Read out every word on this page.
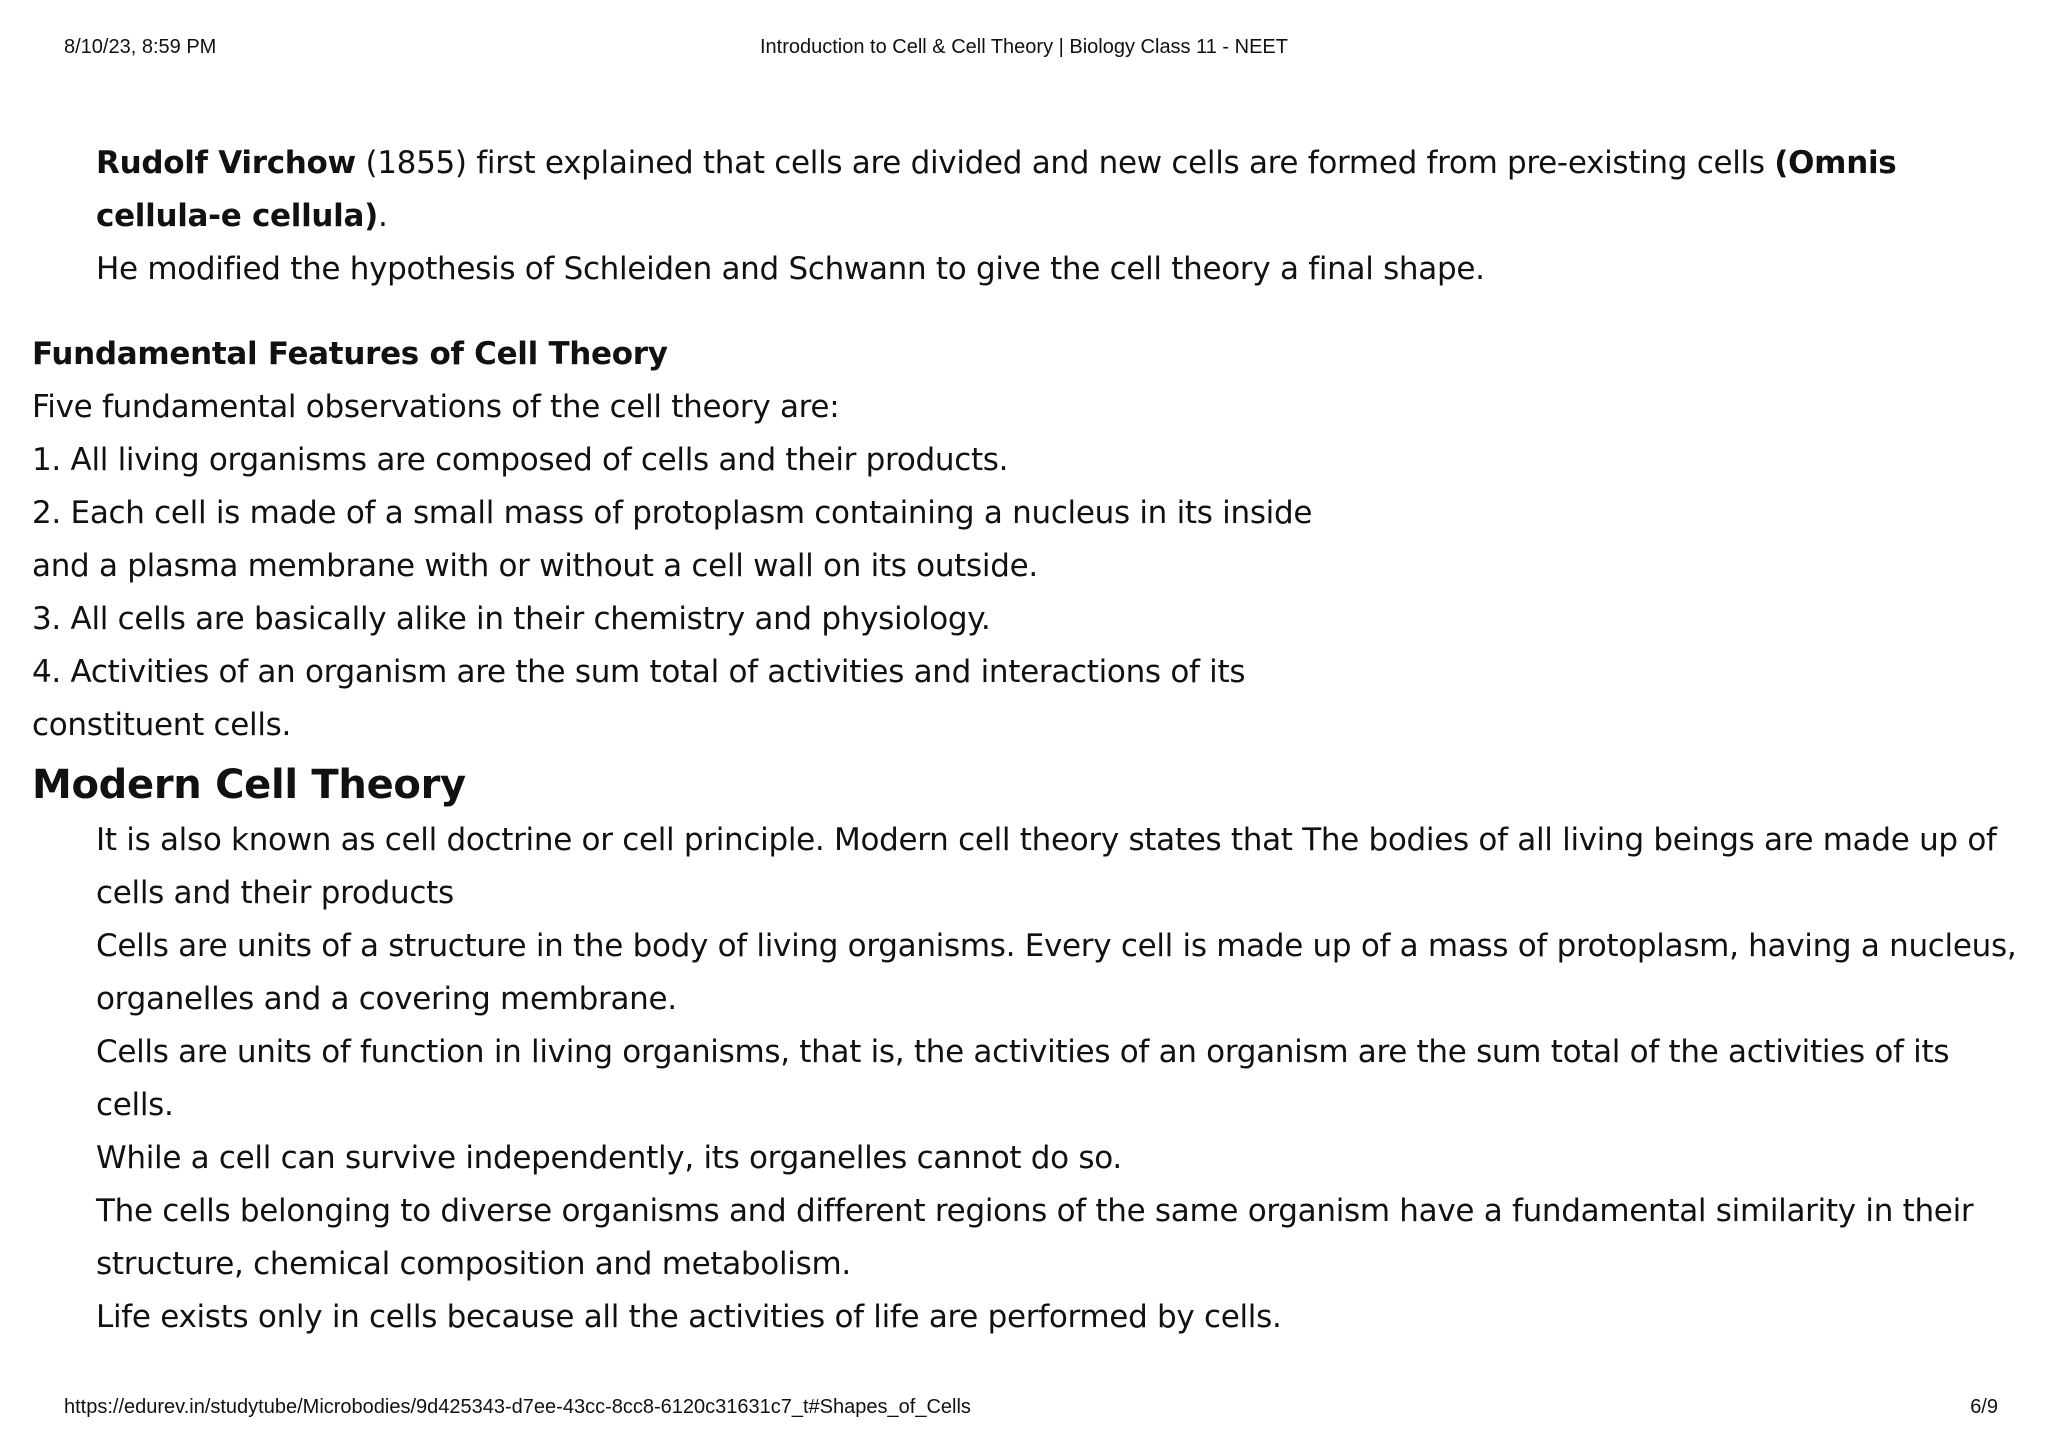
8/10/23, 8:59 PM	Introduction to Cell & Cell Theory | Biology Class 11 - NEET

Rudolf Virchow (1855) first explained that cells are divided and new cells are formed from pre-existing cells (Omnis cellula-e cellula).

He modified the hypothesis of Schleiden and Schwann to give the cell theory a final shape.

Fundamental Features of Cell Theory

Five fundamental observations of the cell theory are:

1. All living organisms are composed of cells and their products.

2. Each cell is made of a small mass of protoplasm containing a nucleus in its inside

and a plasma membrane with or without a cell wall on its outside.

3. All cells are basically alike in their chemistry and physiology.

4. Activities of an organism are the sum total of activities and interactions of its

constituent cells.

Modern Cell Theory

It is also known as cell doctrine or cell principle. Modern cell theory states that The bodies of all living beings are made up of cells and their products

Cells are units of a structure in the body of living organisms. Every cell is made up of a mass of protoplasm, having a nucleus, organelles and a covering membrane.

Cells are units of function in living organisms, that is, the activities of an organism are the sum total of the activities of its cells.

While a cell can survive independently, its organelles cannot do so.

The cells belonging to diverse organisms and different regions of the same organism have a fundamental similarity in their structure, chemical composition and metabolism.

Life exists only in cells because all the activities of life are performed by cells.

https://edurev.in/studytube/Microbodies/9d425343-d7ee-43cc-8cc8-6120c31631c7_t#Shapes_of_Cells	6/9
